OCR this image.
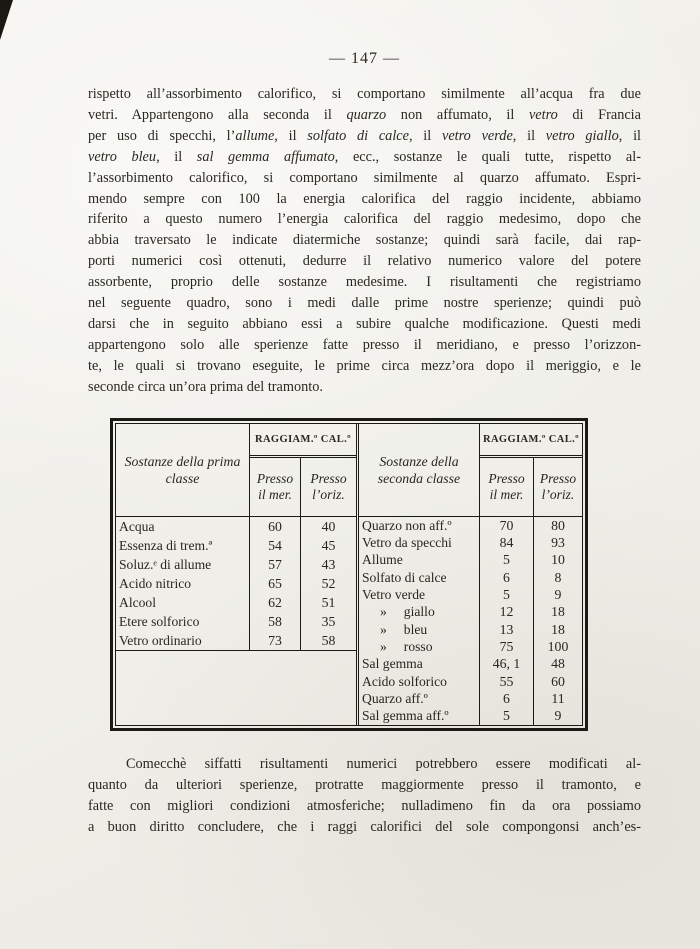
— 147 —
rispetto all’assorbimento calorifico, si comportano similmente all’acqua fra due
vetri. Appartengono alla seconda il quarzo non affumato, il vetro di Francia
per uso di specchi, l’allume, il solfato di calce, il vetro verde, il vetro giallo, il
vetro bleu, il sal gemma affumato, ecc., sostanze le quali tutte, rispetto al-
l’assorbimento calorifico, si comportano similmente al quarzo affumato. Espri-
mendo sempre con 100 la energia calorifica del raggio incidente, abbiamo
riferito a questo numero l’energia calorifica del raggio medesimo, dopo che
abbia traversato le indicate diatermiche sostanze; quindi sarà facile, dai rap-
porti numerici così ottenuti, dedurre il relativo numerico valore del potere
assorbente, proprio delle sostanze medesime. I risultamenti che registriamo
nel seguente quadro, sono i medi dalle prime nostre sperienze; quindi può
darsi che in seguito abbiano essi a subire qualche modificazione. Questi medi
appartengono solo alle sperienze fatte presso il meridiano, e presso l’orizzon-
te, le quali si trovano eseguite, le prime circa mezz’ora dopo il meriggio, e le
seconde circa un’ora prima del tramonto.
Sostanze della prima classe
RAGGIAM.º CAL.º
Presso
il mer.
Presso
l’oriz.
Acqua	60	40
Essenza di trem.ª	54	45
Soluz.ᵉ di allume	57	43
Acido nitrico	65	52
Alcool	62	51
Etere solforico	58	35
Vetro ordinario	73	58
Sostanze della seconda classe
RAGGIAM.º CAL.º
Presso
il mer.
Presso
l’oriz.
Quarzo non aff.º	70	80
Vetro da specchi	84	93
Allume	5	10
Solfato di calce	6	8
Vetro verde	5	9
» giallo	12	18
» bleu	13	18
» rosso	75	100
Sal gemma	46, 1	48
Acido solforico	55	60
Quarzo aff.º	6	11
Sal gemma aff.º	5	9
Comecchè siffatti risultamenti numerici potrebbero essere modificati al-
quanto da ulteriori sperienze, protratte maggiormente presso il tramonto, e
fatte con migliori condizioni atmosferiche; nulladimeno fin da ora possiamo
a buon diritto concludere, che i raggi calorifici del sole compongonsi anch’es-
